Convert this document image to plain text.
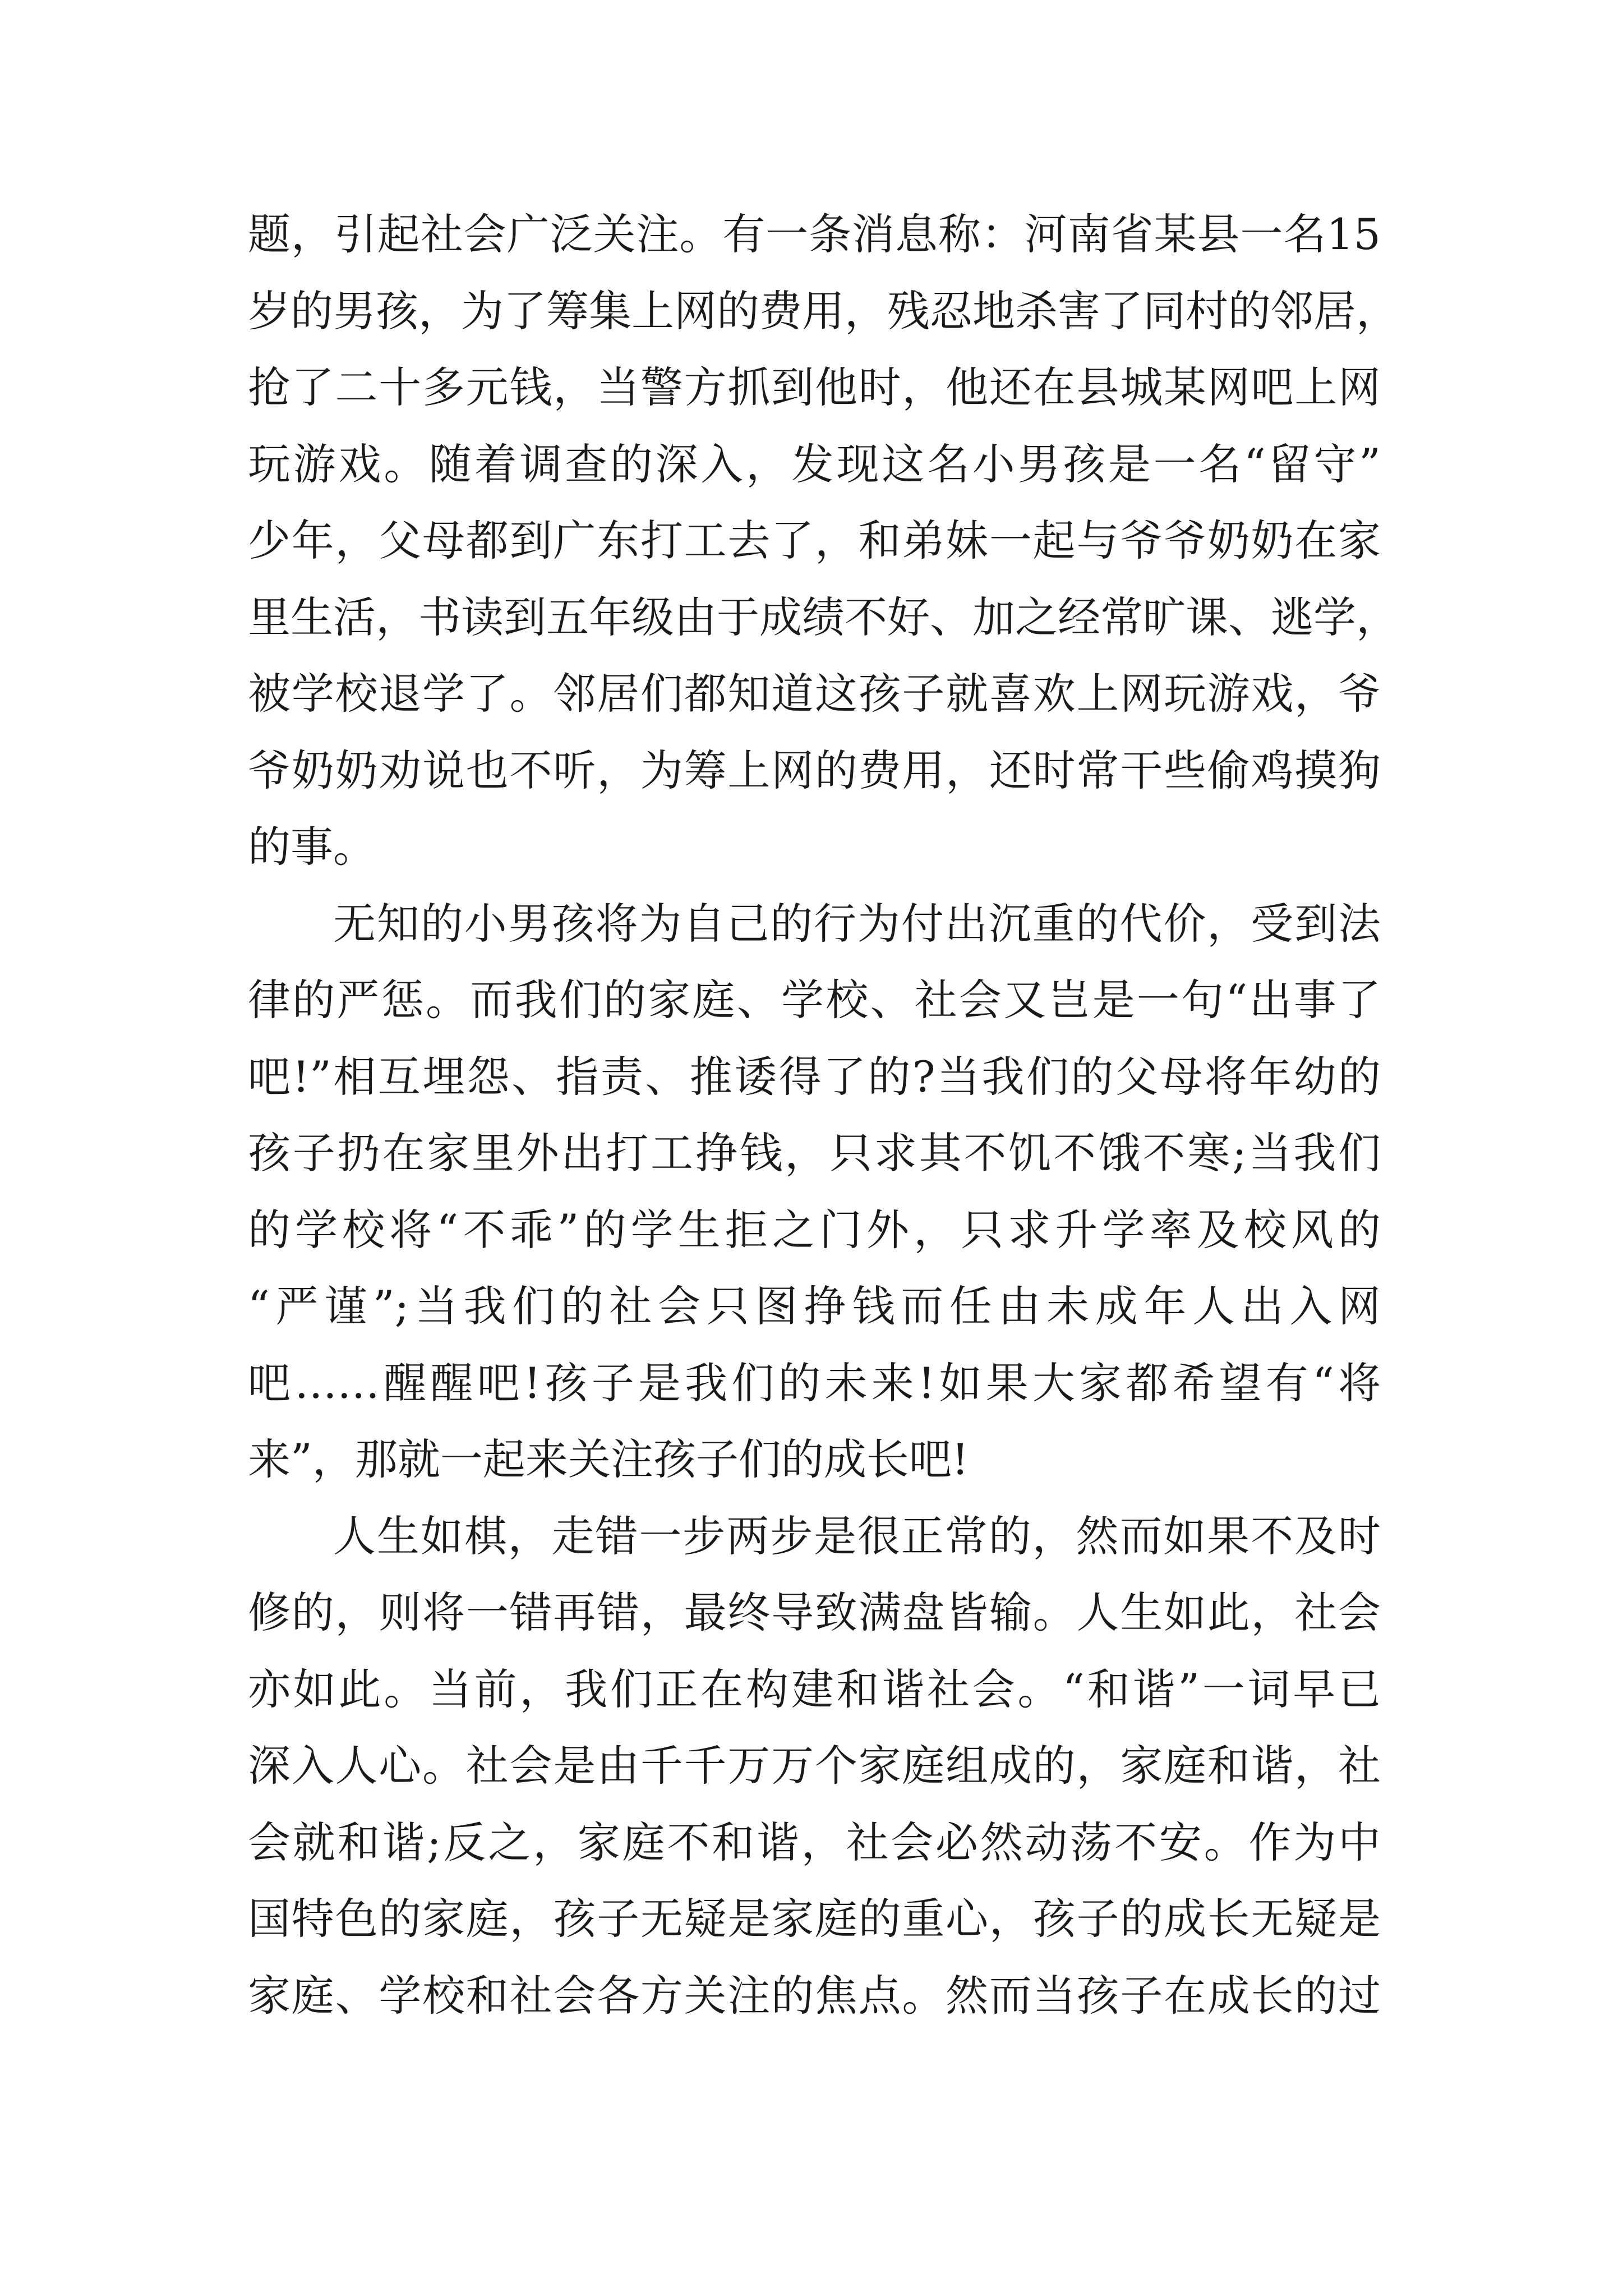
题，引起社会广泛关注。有一条消息称：河南省某县一名15
岁的男孩，为了筹集上网的费用，残忍地杀害了同村的邻居，
抢了二十多元钱，当警方抓到他时，他还在县城某网吧上网
玩游戏。随着调查的深入，发现这名小男孩是一名“留守”
少年，父母都到广东打工去了，和弟妹一起与爷爷奶奶在家
里生活，书读到五年级由于成绩不好、加之经常旷课、逃学，
被学校退学了。邻居们都知道这孩子就喜欢上网玩游戏，爷
爷奶奶劝说也不听，为筹上网的费用，还时常干些偷鸡摸狗
的事。
无知的小男孩将为自己的行为付出沉重的代价，受到法
律的严惩。而我们的家庭、学校、社会又岂是一句“出事了
吧!”相互埋怨、指责、推诿得了的?当我们的父母将年幼的
孩子扔在家里外出打工挣钱，只求其不饥不饿不寒;当我们
的学校将“不乖”的学生拒之门外，只求升学率及校风的
“严谨”;当我们的社会只图挣钱而任由未成年人出入网
吧……醒醒吧!孩子是我们的未来!如果大家都希望有“将
来”，那就一起来关注孩子们的成长吧!
人生如棋，走错一步两步是很正常的，然而如果不及时
修的，则将一错再错，最终导致满盘皆输。人生如此，社会
亦如此。当前，我们正在构建和谐社会。“和谐”一词早已
深入人心。社会是由千千万万个家庭组成的，家庭和谐，社
会就和谐;反之，家庭不和谐，社会必然动荡不安。作为中
国特色的家庭，孩子无疑是家庭的重心，孩子的成长无疑是
家庭、学校和社会各方关注的焦点。然而当孩子在成长的过
